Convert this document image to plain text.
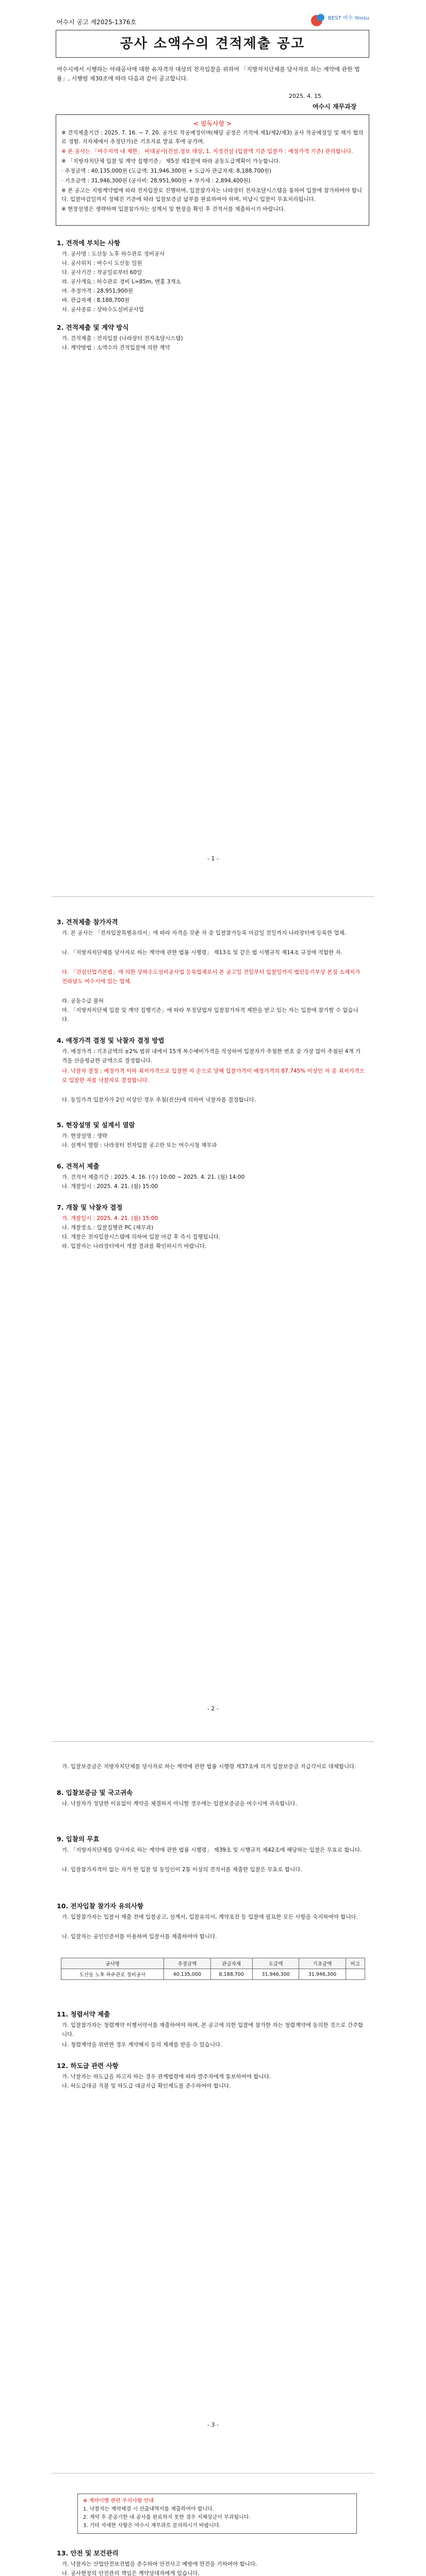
여수시 공고 제2025-1376호
BEST 여수 Yeosu
공사 소액수의 견적제출 공고
여수시에서 시행하는 아래공사에 대한 유자격자 대상의 전자입찰을 위하여 「지방자치단체를 당사자로 하는 계약에 관한 법률」, 시행령 제30조에 따라 다음과 같이 공고합니다.
2025. 4. 15.
여수시 재무과장
< 필독사항 >
※ 견적제출기간 : 2025. 7. 16. ~ 7. 20. 공가로 착공예정이며(해당 공정은 기작에 제1/제2/제3) 공사 착공예정일 및 재가 협의로 정함. 지자체에서 추정단가)은 기초자료 발표 후에 공가며.
※ 본 공사는 「여수지역 내 제한」 비대공사(건설.정보 대상, 1. 지정건설 (입찰액 기준 입찰가 : 예정가격 기준) 관리합니다.
※ 「지방자치단체 입찰 및 계약 집행기준」 제5장 제1절에 따라 공동도급계획이 가능합니다.
· 추정금액 : 40,135,000원 (도급액: 31,946,300원 + 도급자 관급자재: 8,188,700원)
· 기초금액 : 31,946,300원 (공사비: 28,951,900원 + 부가세 : 2,894,400원)
※ 본 공고는 지방계약법에 따라 전자입찰로 진행하며, 입찰참가자는 나라장터 전자조달시스템을 통하여 입찰에 참가하여야 합니다. 입찰마감일까지 정해진 기준에 따라 입찰보증금 납부를 완료하여야 하며, 미납시 입찰이 무효처리됩니다.
※ 현장설명은 생략하며 입찰참가자는 설계서 및 현장을 확인 후 견적서를 제출하시기 바랍니다.
1. 견적에 부치는 사항
가. 공사명 : 도산동 노후 하수관로 정비공사
나. 공사위치 : 여수시 도산동 일원
다. 공사기간 : 착공일로부터 60일
라. 공사개요 : 하수관로 정비 L=85m, 맨홀 3개소
마. 추정가격 : 28,951,900원
바. 관급자재 : 8,188,700원
사. 공사종류 : 상하수도설비공사업
2. 견적제출 및 계약 방식
가. 견적제출 : 전자입찰 (나라장터 전자조달시스템)
나. 계약방법 : 소액수의 견적입찰에 의한 계약
- 1 -
3. 견적제출 참가자격
가. 본 공사는 「전자입찰특별유의서」에 따라 자격을 갖춘 자 중 입찰참가등록 마감일 전일까지 나라장터에 등록한 업체.
나. 「지방자치단체를 당사자로 하는 계약에 관한 법률 시행령」 제13조 및 같은 법 시행규칙 제14조 규정에 적합한 자.
다. 「건설산업기본법」에 의한 상하수도설비공사업 등록업체로서 본 공고일 전일부터 입찰일까지 법인등기부상 본점 소재지가 전라남도 여수시에 있는 업체.
라. 공동수급 불허
마. 「지방자치단체 입찰 및 계약 집행기준」에 따라 부정당업자 입찰참가자격 제한을 받고 있는 자는 입찰에 참가할 수 없습니다.
4. 예정가격 결정 및 낙찰자 결정 방법
가. 예정가격 : 기초금액의 ±2% 범위 내에서 15개 복수예비가격을 작성하여 입찰자가 추첨한 번호 중 가장 많이 추첨된 4개 가격을 산술평균한 금액으로 결정합니다.
나. 낙찰자 결정 : 예정가격 이하 최저가격으로 입찰한 자 순으로 당해 입찰가격이 예정가격의 87.745% 이상인 자 중 최저가격으로 입찰한 자를 낙찰자로 결정합니다.
다. 동일가격 입찰자가 2인 이상인 경우 추첨(전산)에 의하여 낙찰자를 결정합니다.
5. 현장설명 및 설계서 열람
가. 현장설명 : 생략
나. 설계서 열람 : 나라장터 전자입찰 공고란 또는 여수시청 재무과
6. 견적서 제출
가. 견적서 제출기간 : 2025. 4. 16. (수) 10:00 ~ 2025. 4. 21. (월) 14:00
나. 개찰일시 : 2025. 4. 21. (월) 15:00
7. 개찰 및 낙찰자 결정
가. 개찰일시 : 2025. 4. 21. (월) 15:00
나. 개찰장소 : 입찰집행관 PC (재무과)
다. 개찰은 전자입찰시스템에 의하여 입찰 마감 후 즉시 집행됩니다.
라. 입찰자는 나라장터에서 개찰 결과를 확인하시기 바랍니다.
- 2 -
가. 입찰보증금은 지방자치단체를 당사자로 하는 계약에 관한 법률 시행령 제37조에 의거 입찰보증금 지급각서로 대체합니다.
8. 입찰보증금 및 국고귀속
나. 낙찰자가 정당한 이유없이 계약을 체결하지 아니할 경우에는 입찰보증금을 여수시에 귀속합니다.
9. 입찰의 무효
가. 「지방자치단체를 당사자로 하는 계약에 관한 법률 시행령」 제39조 및 시행규칙 제42조에 해당하는 입찰은 무효로 합니다.
나. 입찰참가자격이 없는 자가 한 입찰 및 동일인이 2통 이상의 견적서를 제출한 입찰은 무효로 합니다.
10. 전자입찰 참가자 유의사항
가. 입찰참가자는 입찰서 제출 전에 입찰공고, 설계서, 입찰유의서, 계약조건 등 입찰에 필요한 모든 사항을 숙지하여야 합니다.
나. 입찰자는 공인인증서를 이용하여 입찰서를 제출하여야 합니다.
공사명	추정금액	관급자재	도급액	기초금액	비고
도산동 노후 하수관로 정비공사	40,135,000	8,188,700	31,946,300	31,946,300	
11. 청렴서약 제출
가. 입찰참가자는 청렴계약 이행서약서를 제출하여야 하며, 본 공고에 의한 입찰에 참가한 자는 청렴계약에 동의한 것으로 간주합니다.
나. 청렴계약을 위반한 경우 계약해지 등의 제재를 받을 수 있습니다.
12. 하도급 관련 사항
가. 낙찰자는 하도급을 하고자 하는 경우 관계법령에 따라 발주자에게 통보하여야 합니다.
나. 하도급대금 직불 및 하도급 대금지급 확인제도를 준수하여야 합니다.
- 3 -
※ 계약이행 관련 주의사항 안내
1. 낙찰자는 계약체결 시 산출내역서를 제출하여야 합니다.
2. 계약 후 준공기한 내 공사를 완료하지 못한 경우 지체상금이 부과됩니다.
3. 기타 자세한 사항은 여수시 재무과로 문의하시기 바랍니다.
13. 안전 및 보건관리
가. 낙찰자는 산업안전보건법을 준수하여 안전사고 예방에 만전을 기하여야 합니다.
나. 공사현장의 안전관리 책임은 계약상대자에게 있습니다.
